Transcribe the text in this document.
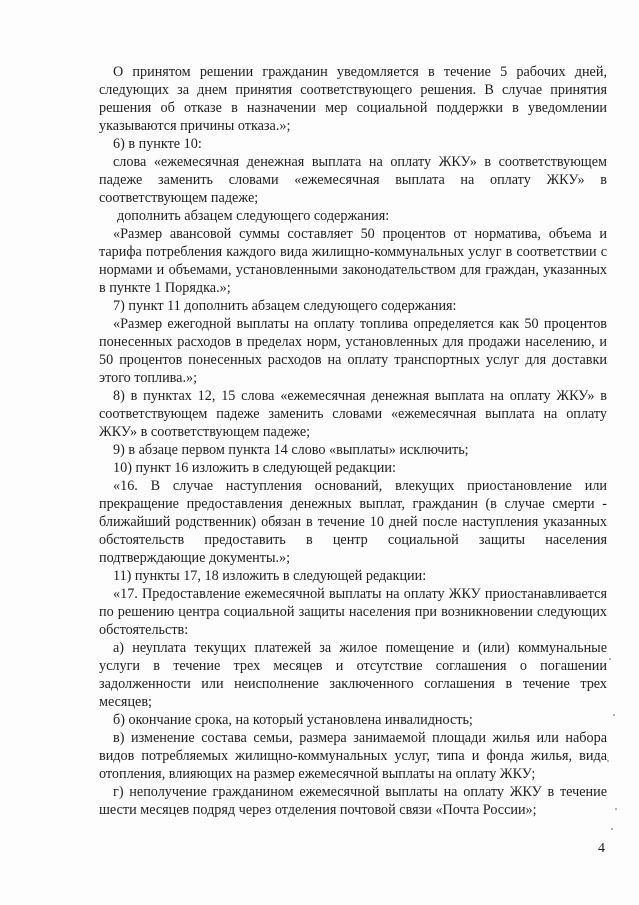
О принятом решении гражданин уведомляется в течение 5 рабочих дней, следующих за днем принятия соответствующего решения. В случае принятия решения об отказе в назначении мер социальной поддержки в уведомлении указываются причины отказа.»;

6) в пункте 10:

слова «ежемесячная денежная выплата на оплату ЖКУ» в соответствующем падеже заменить словами «ежемесячная выплата на оплату ЖКУ» в соответствующем падеже;

дополнить абзацем следующего содержания:

«Размер авансовой суммы составляет 50 процентов от норматива, объема и тарифа потребления каждого вида жилищно-коммунальных услуг в соответствии с нормами и объемами, установленными законодательством для граждан, указанных в пункте 1 Порядка.»;

7) пункт 11 дополнить абзацем следующего содержания:

«Размер ежегодной выплаты на оплату топлива определяется как 50 процентов понесенных расходов в пределах норм, установленных для продажи населению, и 50 процентов понесенных расходов на оплату транспортных услуг для доставки этого топлива.»;

8) в пунктах 12, 15 слова «ежемесячная денежная выплата на оплату ЖКУ» в соответствующем падеже заменить словами «ежемесячная выплата на оплату ЖКУ» в соответствующем падеже;

9) в абзаце первом пункта 14 слово «выплаты» исключить;

10) пункт 16 изложить в следующей редакции:

«16. В случае наступления оснований, влекущих приостановление или прекращение предоставления денежных выплат, гражданин (в случае смерти - ближайший родственник) обязан в течение 10 дней после наступления указанных обстоятельств предоставить в центр социальной защиты населения подтверждающие документы.»;

11) пункты 17, 18 изложить в следующей редакции:

«17. Предоставление ежемесячной выплаты на оплату ЖКУ приостанавливается по решению центра социальной защиты населения при возникновении следующих обстоятельств:

а) неуплата текущих платежей за жилое помещение и (или) коммунальные услуги в течение трех месяцев и отсутствие соглашения о погашении задолженности или неисполнение заключенного соглашения в течение трех месяцев;

б) окончание срока, на который установлена инвалидность;

в) изменение состава семьи, размера занимаемой площади жилья или набора видов потребляемых жилищно-коммунальных услуг, типа и фонда жилья, вида отопления, влияющих на размер ежемесячной выплаты на оплату ЖКУ;

г) неполучение гражданином ежемесячной выплаты на оплату ЖКУ в течение шести месяцев подряд через отделения почтовой связи «Почта России»;

4
